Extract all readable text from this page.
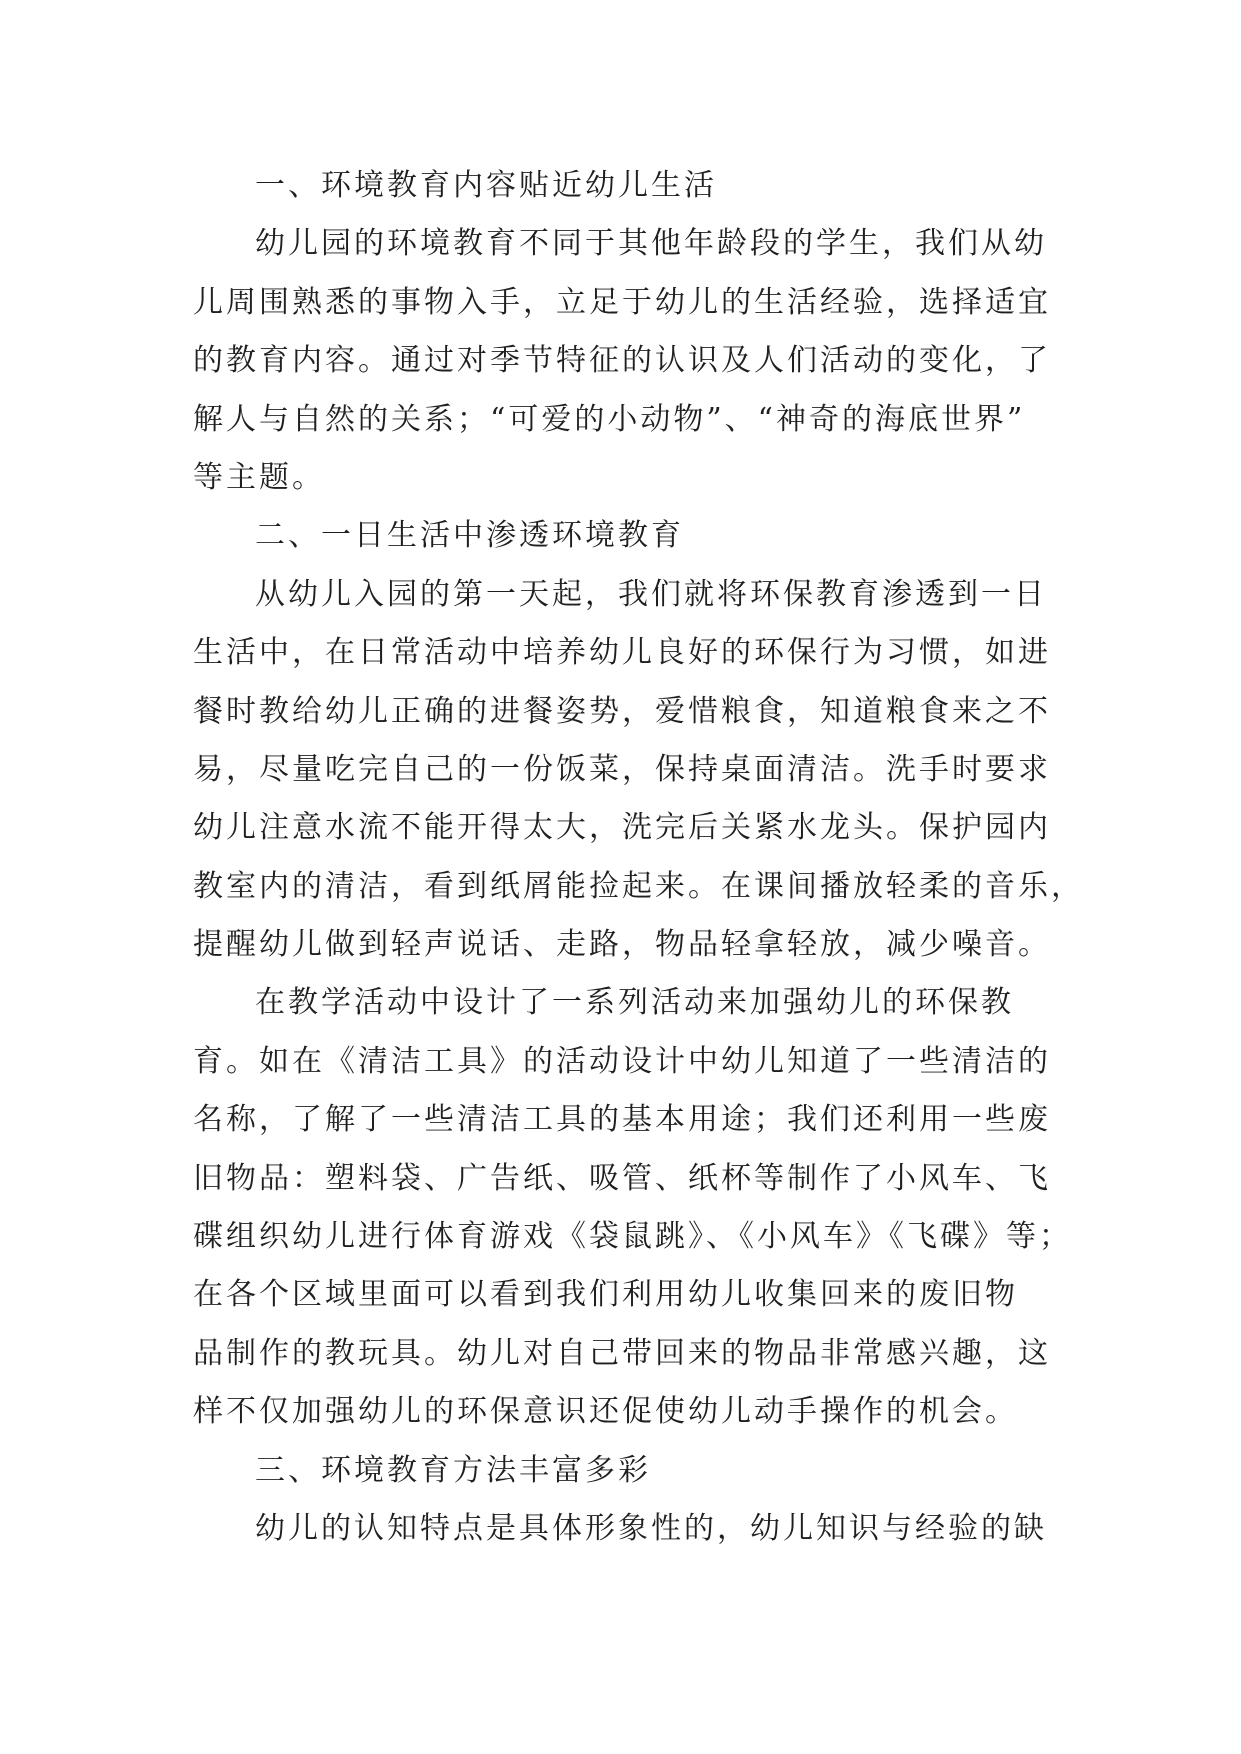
一、环境教育内容贴近幼儿生活
幼儿园的环境教育不同于其他年龄段的学生，我们从幼
儿周围熟悉的事物入手，立足于幼儿的生活经验，选择适宜
的教育内容。通过对季节特征的认识及人们活动的变化，了
解人与自然的关系；“可爱的小动物”、“神奇的海底世界”
等主题。
二、一日生活中渗透环境教育
从幼儿入园的第一天起，我们就将环保教育渗透到一日
生活中，在日常活动中培养幼儿良好的环保行为习惯，如进
餐时教给幼儿正确的进餐姿势，爱惜粮食，知道粮食来之不
易，尽量吃完自己的一份饭菜，保持桌面清洁。洗手时要求
幼儿注意水流不能开得太大，洗完后关紧水龙头。保护园内
教室内的清洁，看到纸屑能捡起来。在课间播放轻柔的音乐，
提醒幼儿做到轻声说话、走路，物品轻拿轻放，减少噪音。
在教学活动中设计了一系列活动来加强幼儿的环保教
育。如在《清洁工具》的活动设计中幼儿知道了一些清洁的
名称，了解了一些清洁工具的基本用途；我们还利用一些废
旧物品：塑料袋、广告纸、吸管、纸杯等制作了小风车、飞
碟组织幼儿进行体育游戏《袋鼠跳》、《小风车》《飞碟》等；
在各个区域里面可以看到我们利用幼儿收集回来的废旧物
品制作的教玩具。幼儿对自己带回来的物品非常感兴趣，这
样不仅加强幼儿的环保意识还促使幼儿动手操作的机会。
三、环境教育方法丰富多彩
幼儿的认知特点是具体形象性的，幼儿知识与经验的缺
